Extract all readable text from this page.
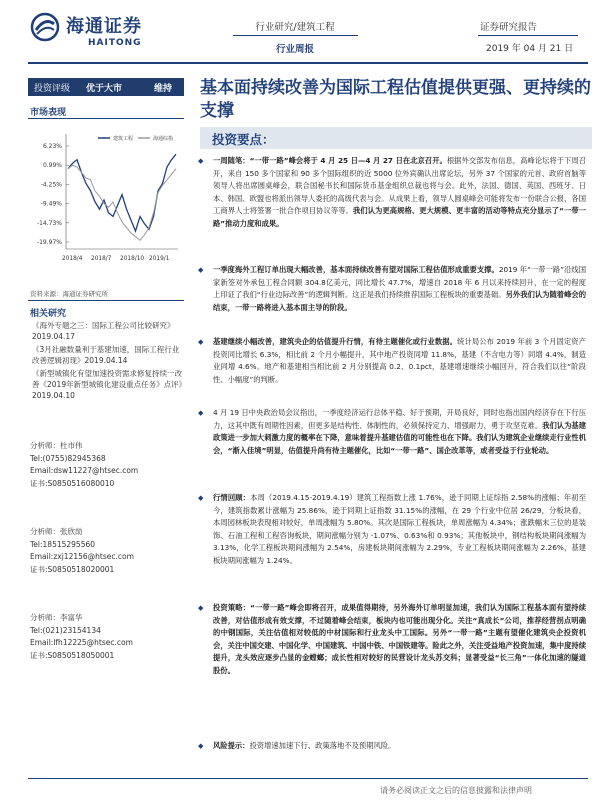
海通证券
HAITONG
行业研究/建筑工程
行业周报
证券研究报告
2019 年 04 月 21 日
投资评级 优于大市	维持
市场表现
6.23%
0.99%
-4.25%
-9.49%
-14.73%
-19.97%
2018/4 2018/7 2018/10 2019/1
建筑工程	海通综指
资料来源：海通证券研究所
相关研究
《海外专题之三：国际工程公司比较研究》2019.04.17
《3月社融数量利于基建加速，国际工程行业改善逻辑初现》2019.04.14
《新型城镇化有望加速投资需求修复持续一改善《2019年新型城镇化建设重点任务》点评》2019.04.10
分析师：杜市伟
Tel:(0755)82945368
Email:dsw11227@htsec.com
证书:S0850516080010
分析师：张欣劼
Tel:18515295560
Email:zxj12156@htsec.com
证书:S0850518020001
分析师：李富华
Tel:(021)23154134
Email:lfh12225@htsec.com
证书:S0850518050001
基本面持续改善为国际工程估值提供更强、更持续的支撑
投资要点：
◆	一周随笔：“一带一路”峰会将于 4 月 25 日—4 月 27 日在北京召开。根据外交部发布信息，高峰论坛将于下周召开，来自 150 多个国家和 90 多个国际组织的近 5000 位外宾确认出席论坛，另外 37 个国家的元首、政府首脑等领导人将出席圆桌峰会，联合国秘书长和国际货币基金组织总裁也将与会。此外，法国、德国、英国、西班牙、日本、韩国、欧盟也将派出领导人委托的高级代表与会。从成果上看，领导人圆桌峰会可能将发布一份联合公报，各国工商界人士将签署一批合作项目协议等等。我们认为更高规格、更大规模、更丰富的活动等特点充分显示了“一带一路”推动力度和成果。
◆	一季度海外工程订单出现大幅改善，基本面持续改善有望对国际工程估值形成重要支撑。2019 年“一带一路”沿线国家新签对外承包工程合同额 304.8亿美元，同比增长 47.7%，增速自 2018 年 6 月以来持续回升，在一定的程度上印证了我们“行业边际改善”的逻辑判断。这正是我们持续推荐国际工程板块的重要基础。另外我们认为随着峰会的结束，一带一路将进入基本面主导的阶段。
◆	基建继续小幅改善，建筑央企的估值提升行情，有待主题催化或行业数据。统计局公布 2019 年前 3 个月固定资产投资同比增长 6.3%，相比前 2 个月小幅提升，其中地产投资同增 11.8%，基建（不含电力等）同增 4.4%，制造业同增 4.6%。地产和基建相当相比前 2 月分别提高 0.2、0.1pct，基建增速继续小幅回升，符合我们以往“阶段性、小幅度”的判断。
◆	4 月 19 日中央政治局会议指出，一季度经济运行总体平稳、好于预期，开局良好，同时也指出国内经济存在下行压力，这其中既有周期性因素，但更多是结构性、体制性的，必须保持定力、增强耐力，勇于攻坚克难。我们认为基建政策进一步加大刺激力度的概率在下降，意味着提升基建估值的可能性也在下降。我们认为建筑企业继续走行业性机会，“渐入佳境”明显，估值提升尚有待主题催化，比如“一带一路”、国企改革等，或者受益于行业轮动。
◆	行情回顾：本周（2019.4.15-2019.4.19）建筑工程指数上涨 1.76%，逊于同期上证综指 2.58%的涨幅；年初至今，建筑指数累计涨幅为 25.86%，逊于同期上证指数 31.15%的涨幅，在 29 个行业中位居 26/29，分板块看，本周园林板块表现相对较好，单周涨幅为 5.80%。其次是国际工程板块，单周涨幅为 4.34%；涨跌幅末三位的是装饰、石油工程和工程咨询板块，期间涨幅分别为 -1.07%、0.63%和 0.93%；其他板块中，钢结构板块期间涨幅为 3.13%，化学工程板块期间涨幅为 2.54%，房建板块期间涨幅为 2.29%，专业工程板块期间涨幅为 2.26%，基建板块期间涨幅为 1.24%。
◆	投资策略：“一带一路”峰会即将召开，成果值得期待，另外海外订单明显加速，我们认为国际工程基本面有望持续改善，对估值形成有效支撑，不过随着峰会结束，板块内也可能出现分化。关注“真成长”公司，推荐经营拐点明确的中钢国际，关注估值相对较低的中材国际和行业龙头中工国际。另外“一带一路”主题有望催化建筑央企投资机会，关注中国交建、中国化学、中国建筑、中国中铁、中国铁建等。险此之外，关注受益地产投资加速，集中度持续提升，龙头效应逐步凸显的金螳螂；成长性相对较好的民营设计龙头苏交科；显著受益“长三角”一体化加速的隧道股份。
◆	风险提示：投资增速加速下行、政策落地不及预期风险。
请务必阅读正文之后的信息披露和法律声明
